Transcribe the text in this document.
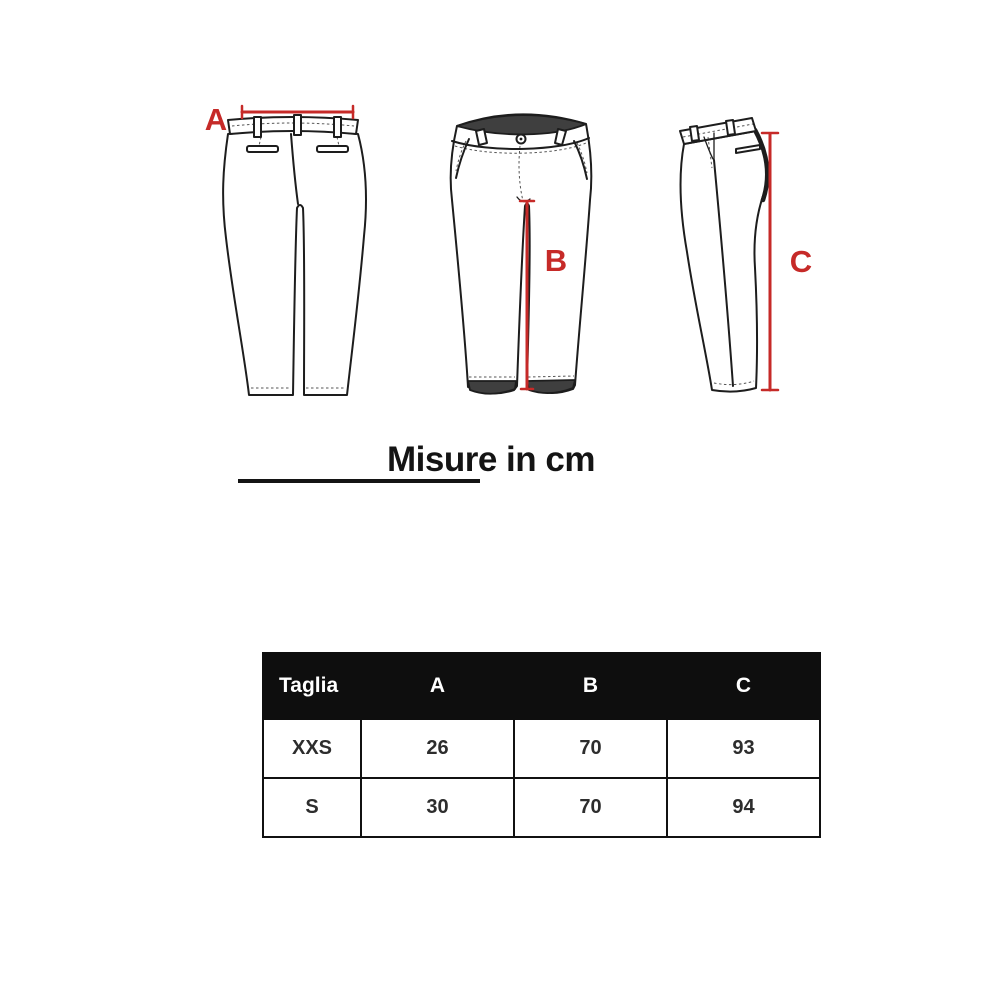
A
B	C
Misure in cm
Taglia	A	B	C
XXS	26	70	93
S	30	70	94
